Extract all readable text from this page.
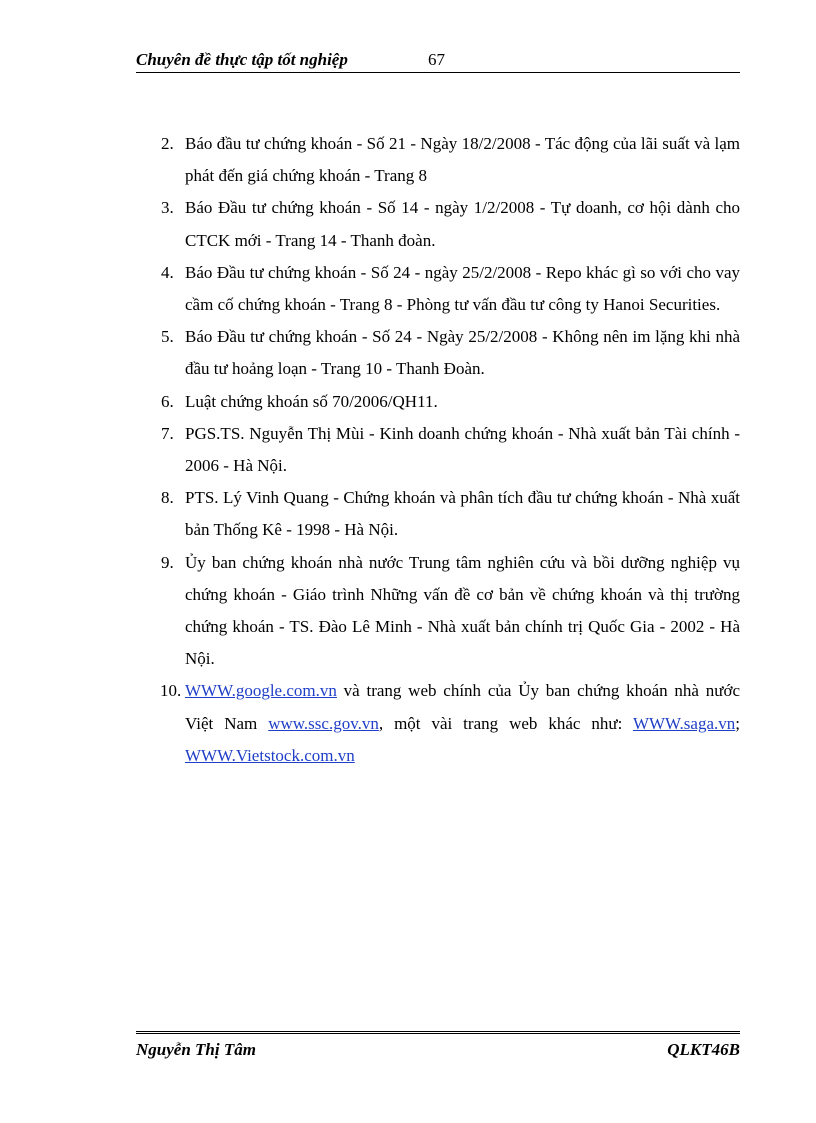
Chuyên đề thực tập tốt nghiệp	67
2. Báo đầu tư chứng khoán - Số 21 - Ngày 18/2/2008 - Tác động của lãi suất và lạm phát đến giá chứng khoán - Trang 8
3. Báo Đầu tư chứng khoán - Số 14 - ngày 1/2/2008 - Tự doanh, cơ hội dành cho CTCK mới - Trang 14 - Thanh đoàn.
4. Báo Đầu tư chứng khoán - Số 24 - ngày 25/2/2008 - Repo khác gì so với cho vay cầm cố chứng khoán - Trang 8 - Phòng tư vấn đầu tư công ty Hanoi Securities.
5. Báo Đầu tư chứng khoán - Số 24 - Ngày 25/2/2008 - Không nên im lặng khi nhà đầu tư hoảng loạn - Trang 10 - Thanh Đoàn.
6. Luật chứng khoán số 70/2006/QH11.
7. PGS.TS. Nguyễn Thị Mùi - Kinh doanh chứng khoán - Nhà xuất bản Tài chính - 2006 - Hà Nội.
8. PTS. Lý Vinh Quang - Chứng khoán và phân tích đầu tư chứng khoán - Nhà xuất bản Thống Kê - 1998 - Hà Nội.
9. Ủy ban chứng khoán nhà nước Trung tâm nghiên cứu và bồi dưỡng nghiệp vụ chứng khoán - Giáo trình Những vấn đề cơ bản về chứng khoán và thị trường chứng khoán - TS. Đào Lê Minh - Nhà xuất bản chính trị Quốc Gia - 2002 - Hà Nội.
10. WWW.google.com.vn và trang web chính của Ủy ban chứng khoán nhà nước Việt Nam www.ssc.gov.vn, một vài trang web khác như: WWW.saga.vn; WWW.Vietstock.com.vn
Nguyễn Thị Tâm	QLKT46B
